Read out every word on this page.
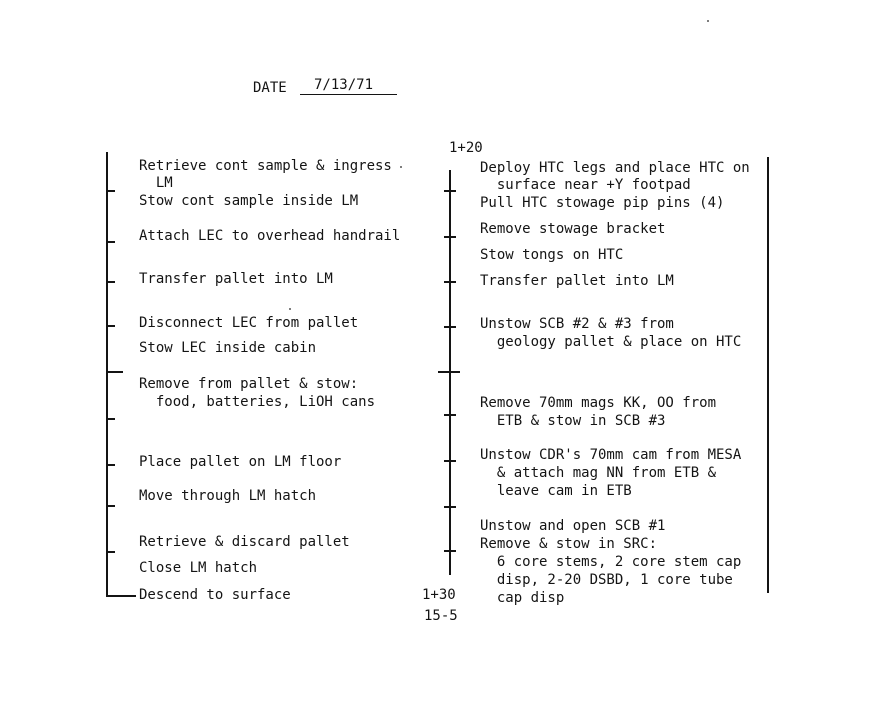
DATE 7/13/71
1+20
Retrieve cont sample & ingress
LM
Stow cont sample inside LM
Attach LEC to overhead handrail
Transfer pallet into LM
Disconnect LEC from pallet
Stow LEC inside cabin
Remove from pallet & stow:
food, batteries, LiOH cans
Place pallet on LM floor
Move through LM hatch
Retrieve & discard pallet
Close LM hatch
Descend to surface
Deploy HTC legs and place HTC on
surface near +Y footpad
Pull HTC stowage pip pins (4)
Remove stowage bracket
Stow tongs on HTC
Transfer pallet into LM
Unstow SCB #2 & #3 from
geology pallet & place on HTC
Remove 70mm mags KK, OO from
ETB & stow in SCB #3
Unstow CDR's 70mm cam from MESA
& attach mag NN from ETB &
leave cam in ETB
Unstow and open SCB #1
Remove & stow in SRC:
6 core stems, 2 core stem cap
disp, 2-20 DSBD, 1 core tube
cap disp
1+30
15-5
